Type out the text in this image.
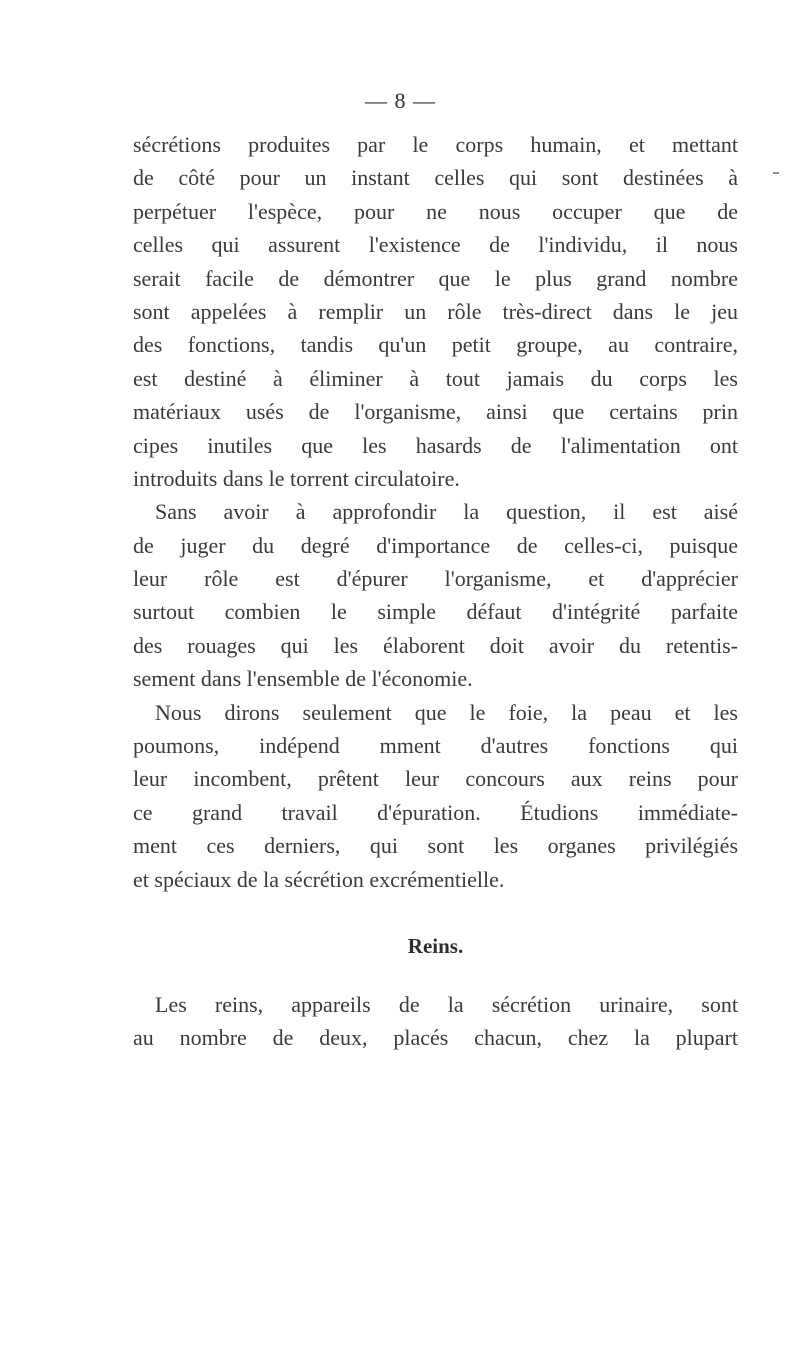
— 8 —
sécrétions produites par le corps humain, et mettant
de côté pour un instant celles qui sont destinées à
perpétuer l'espèce, pour ne nous occuper que de
celles qui assurent l'existence de l'individu, il nous
serait facile de démontrer que le plus grand nombre
sont appelées à remplir un rôle très-direct dans le jeu
des fonctions, tandis qu'un petit groupe, au contraire,
est destiné à éliminer à tout jamais du corps les
matériaux usés de l'organisme, ainsi que certains prin
cipes inutiles que les hasards de l'alimentation ont
introduits dans le torrent circulatoire.
Sans avoir à approfondir la question, il est aisé
de juger du degré d'importance de celles-ci, puisque
leur rôle est d'épurer l'organisme, et d'apprécier
surtout combien le simple défaut d'intégrité parfaite
des rouages qui les élaborent doit avoir du retentis-
sement dans l'ensemble de l'économie.
Nous dirons seulement que le foie, la peau et les
poumons, indépend mment d'autres fonctions qui
leur incombent, prêtent leur concours aux reins pour
ce grand travail d'épuration. Étudions immédiate-
ment ces derniers, qui sont les organes privilégiés
et spéciaux de la sécrétion excrémentielle.
Reins.
Les reins, appareils de la sécrétion urinaire, sont
au nombre de deux, placés chacun, chez la plupart
